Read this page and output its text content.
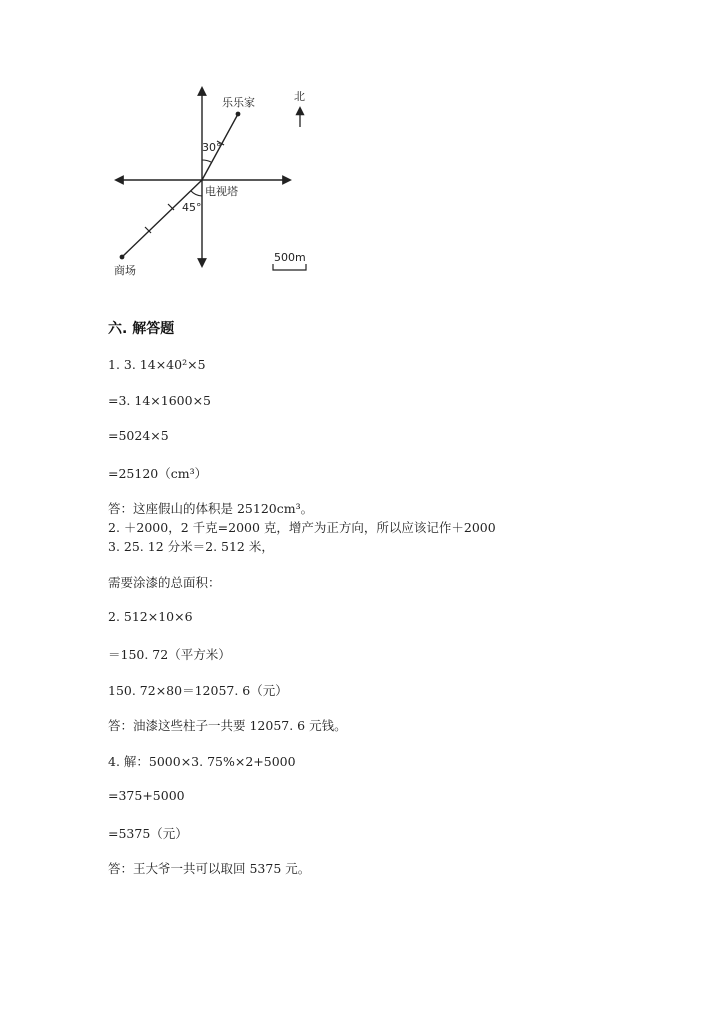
乐乐家	北
30°
电视塔
45°
商场
500m
六. 解答题
1. 3. 14×40²×5
=3. 14×1600×5
=5024×5
=25120（cm³）
答：这座假山的体积是 25120cm³。
2. ＋2000，2 千克=2000 克，增产为正方向，所以应该记作＋2000
3. 25. 12 分米＝2. 512 米，
需要涂漆的总面积：
2. 512×10×6
＝150. 72（平方米）
150. 72×80＝12057. 6（元）
答：油漆这些柱子一共要 12057. 6 元钱。
4. 解：5000×3. 75%×2+5000
=375+5000
=5375（元）
答：王大爷一共可以取回 5375 元。
